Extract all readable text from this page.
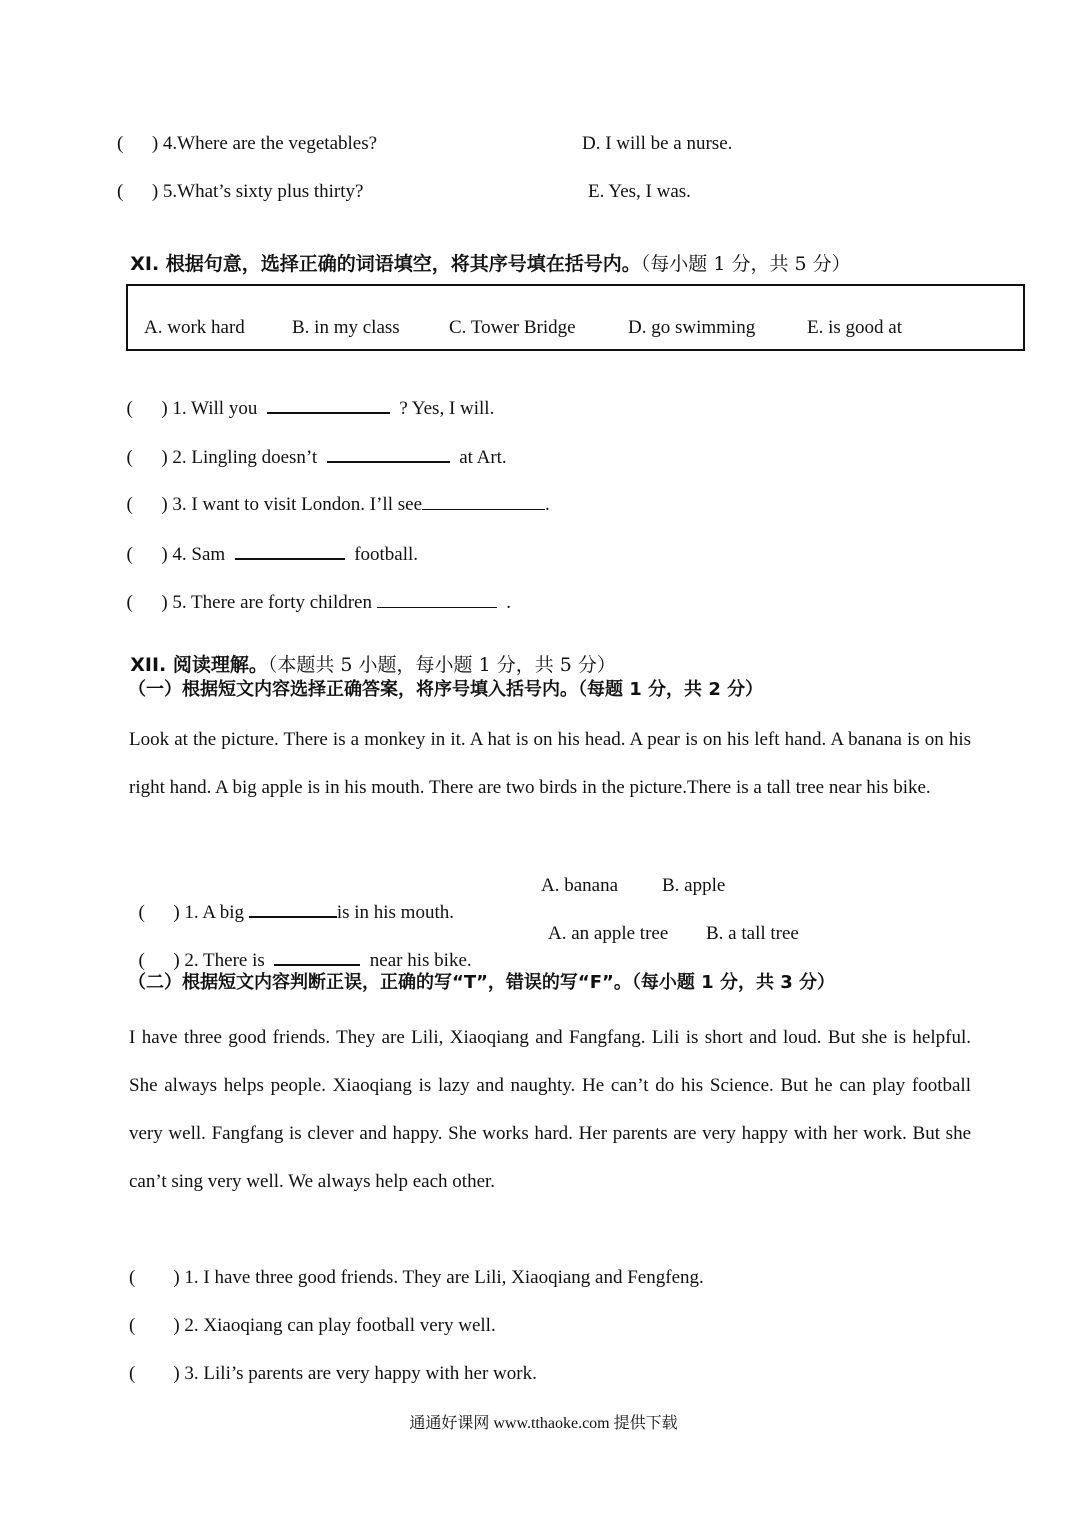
(      ) 4.Where are the vegetables?	D. I will be a nurse.
(      ) 5.What’s sixty plus thirty?	E. Yes, I was.

XI. 根据句意，选择正确的词语填空，将其序号填在括号内。（每小题 1 分，共 5 分）

A. work hard B. in my class	C. Tower Bridge	D. go swimming	E. is good at

(      ) 1. Will you	? Yes, I will.

(      ) 2. Lingling doesn’t	at Art.

(      ) 3. I want to visit London. I’ll see	.

(      ) 4. Sam	football.

(      ) 5. There are forty children	.

XII. 阅读理解。（本题共 5 小题，每小题 1 分，共 5 分）

（一）根据短文内容选择正确答案，将序号填入括号内。（每题 1 分，共 2 分）
Look at the picture. There is a monkey in it. A hat is on his head. A pear is on his left hand. A banana is on his right hand. A big apple is in his mouth. There are two birds in the picture.There is a tall tree near his bike.

(      ) 1. A big	is in his mouth.

A. banana B. apple

(      ) 2. There is	near his bike.

A. an apple tree B. a tall tree
（二）根据短文内容判断正误，正确的写“T”，错误的写“F”。（每小题 1 分，共 3 分）
I have three good friends. They are Lili, Xiaoqiang and Fangfang. Lili is short and loud. But she is helpful. She always helps people. Xiaoqiang is lazy and naughty. He can’t do his Science. But he can play football very well. Fangfang is clever and happy. She works hard. Her parents are very happy with her work. But she can’t sing very well. We always help each other.
(        ) 1. I have three good friends. They are Lili, Xiaoqiang and Fengfeng.
(        ) 2. Xiaoqiang can play football very well.
(        ) 3. Lili’s parents are very happy with her work.
通通好课网 www.tthaoke.com 提供下载
